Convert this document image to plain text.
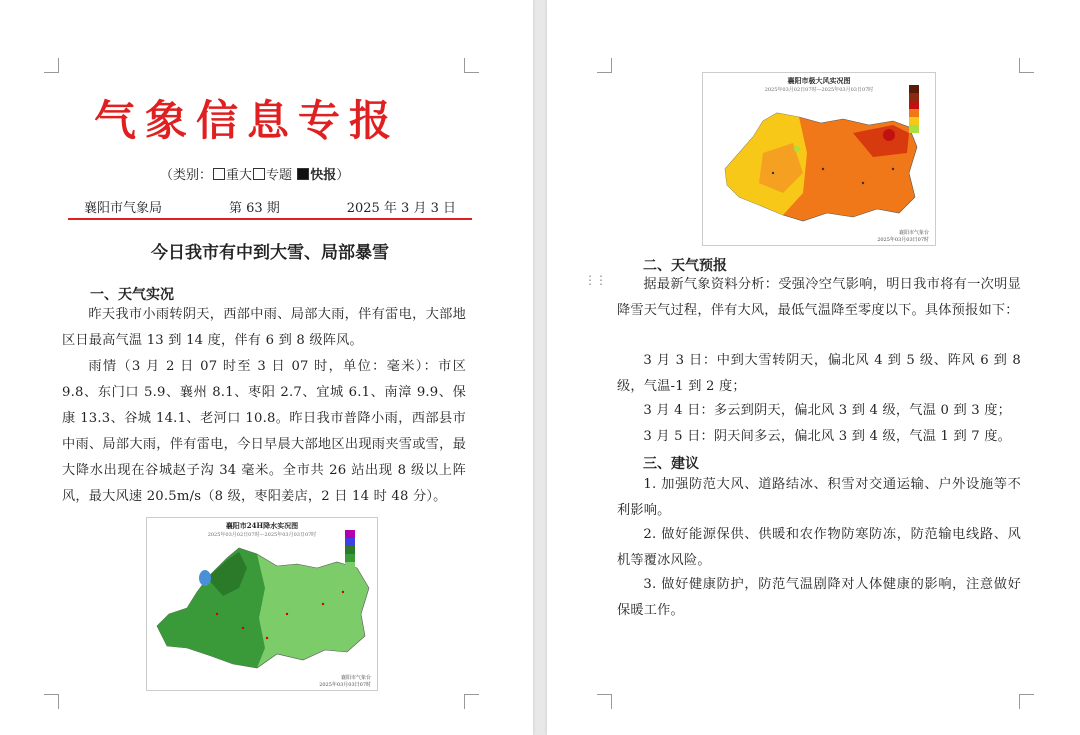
气象信息专报
（类别： 重大 专题 快报）
襄阳市气象局	第 63 期	2025 年 3 月 3 日
今日我市有中到大雪、局部暴雪
一、天气实况
昨天我市小雨转阴天，西部中雨、局部大雨，伴有雷电，大部地区日最高气温 13 到 14 度，伴有 6 到 8 级阵风。
雨情（3 月 2 日 07 时至 3 日 07 时，单位：毫米）：市区 9.8、东门口 5.9、襄州 8.1、枣阳 2.7、宜城 6.1、南漳 9.9、保康 13.3、谷城 14.1、老河口 10.8。昨日我市普降小雨，西部县市中雨、局部大雨，伴有雷电，今日早晨大部地区出现雨夹雪或雪，最大降水出现在谷城赵子沟 34 毫米。全市共 26 站出现 8 级以上阵风，最大风速 20.5m/s（8 级，枣阳姜店，2 日 14 时 48 分）。
襄阳市24H降水实况图
2025年03月02日07时—2025年03月03日07时
襄阳市气象台
2025年03月03日07时
襄阳市极大风实况图
2025年03月02日07时—2025年03月03日07时
襄阳市气象台
2025年03月03日07时
二、天气预报
据最新气象资料分析：受强冷空气影响，明日我市将有一次明显降雪天气过程，伴有大风，最低气温降至零度以下。具体预报如下：
3 月 3 日：中到大雪转阴天，偏北风 4 到 5 级、阵风 6 到 8 级，气温-1 到 2 度；
3 月 4 日：多云到阴天，偏北风 3 到 4 级，气温 0 到 3 度；
3 月 5 日：阴天间多云，偏北风 3 到 4 级，气温 1 到 7 度。
三、建议
1. 加强防范大风、道路结冰、积雪对交通运输、户外设施等不利影响。
2. 做好能源保供、供暖和农作物防寒防冻，防范输电线路、风机等覆冰风险。
3. 做好健康防护，防范气温剧降对人体健康的影响，注意做好保暖工作。
⋮⋮
